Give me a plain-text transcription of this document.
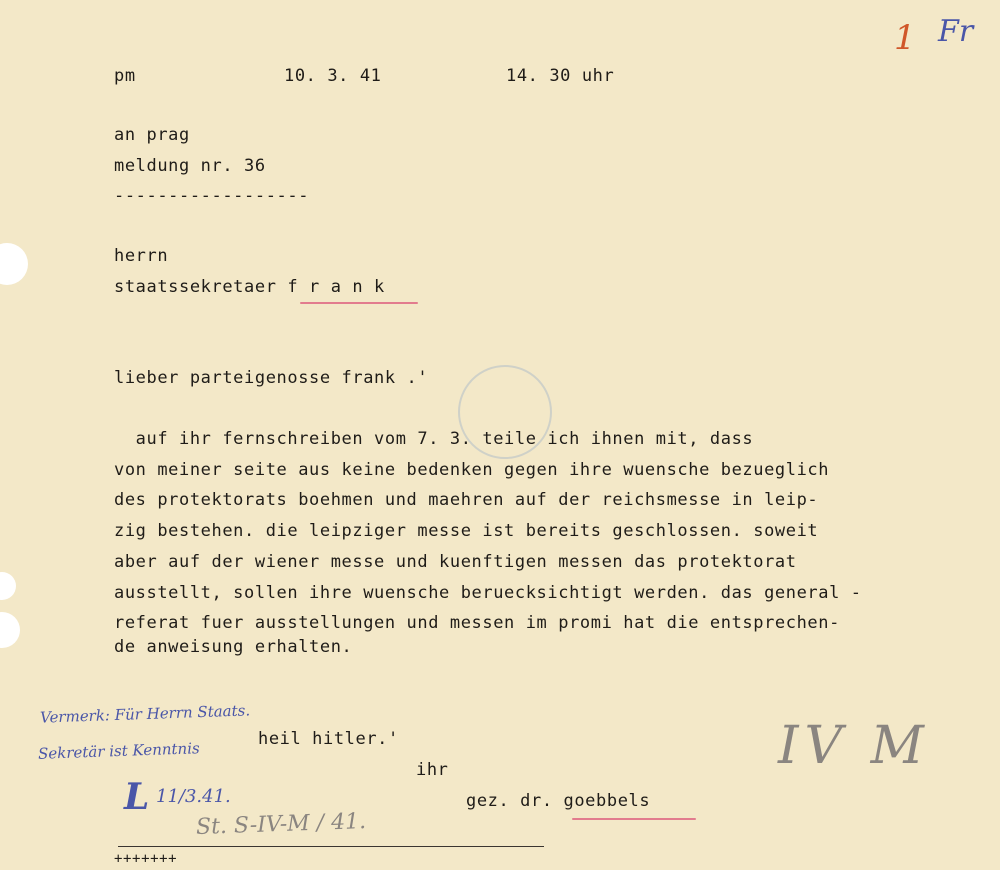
1 Fr
pm	10. 3. 41	14. 30 uhr
an prag
meldung nr. 36
------------------
herrn
staatssekretaer f r a n k
lieber parteigenosse frank .'
auf ihr fernschreiben vom 7. 3. teile ich ihnen mit, dass
von meiner seite aus keine bedenken gegen ihre wuensche bezueglich
des protektorats boehmen und maehren auf der reichsmesse in leip-
zig bestehen. die leipziger messe ist bereits geschlossen. soweit
aber auf der wiener messe und kuenftigen messen das protektorat
ausstellt, sollen ihre wuensche beruecksichtigt werden. das general -
referat fuer ausstellungen und messen im promi hat die entsprechen-
de anweisung erhalten.
Vermerk: Für Herrn Staats.
Sekretär ist Kenntnis
heil hitler.'
ihr
gez. dr. goebbels
L 11/3.41.
St. S-IV-M / 41.
IV M
+++++++
